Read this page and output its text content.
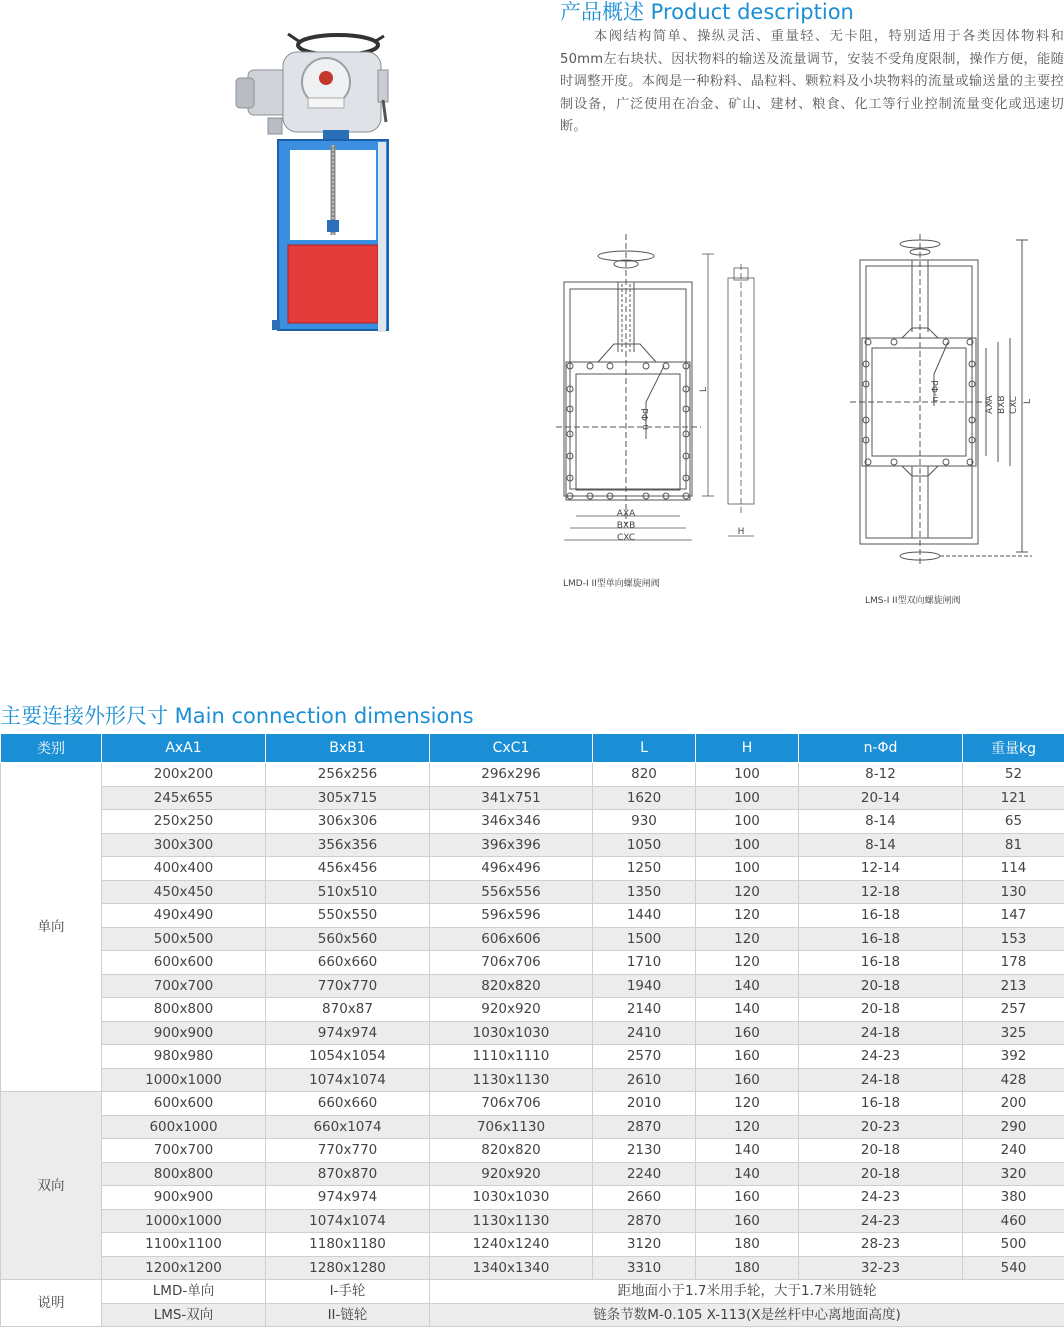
产品概述 Product description

本阀结构简单、操纵灵活、重量轻、无卡阻，特别适用于各类因体物料和50mm左右块状、因状物料的输送及流量调节，安装不受角度限制，操作方便，能随时调整开度。本阀是一种粉料、晶粒料、颗粒料及小块物料的流量或输送量的主要控制设备，广泛使用在冶金、矿山、建材、粮食、化工等行业控制流量变化或迅速切断。

AXA
BXB
CXC
H
L
n-Φd
LMD-I II型单向螺旋闸阀
n-Φd
AXA BXB CXC L
LMS-I II型双向螺旋闸阀
主要连接外形尺寸 Main connection dimensions
类别	AxA1	BxB1	CxC1	L	H	n-Φd	重量kg
单向	200x200	256x256	296x296	820	100	8-12	52
	245x655	305x715	341x751	1620	100	20-14	121
	250x250	306x306	346x346	930	100	8-14	65
	300x300	356x356	396x396	1050	100	8-14	81
	400x400	456x456	496x496	1250	100	12-14	114
	450x450	510x510	556x556	1350	120	12-18	130
	490x490	550x550	596x596	1440	120	16-18	147
	500x500	560x560	606x606	1500	120	16-18	153
	600x600	660x660	706x706	1710	120	16-18	178
	700x700	770x770	820x820	1940	140	20-18	213
	800x800	870x87	920x920	2140	140	20-18	257
	900x900	974x974	1030x1030	2410	160	24-18	325
	980x980	1054x1054	1110x1110	2570	160	24-23	392
	1000x1000	1074x1074	1130x1130	2610	160	24-18	428
双向	600x600	660x660	706x706	2010	120	16-18	200
	600x1000	660x1074	706x1130	2870	120	20-23	290
	700x700	770x770	820x820	2130	140	20-18	240
	800x800	870x870	920x920	2240	140	20-18	320
	900x900	974x974	1030x1030	2660	160	24-23	380
	1000x1000	1074x1074	1130x1130	2870	160	24-23	460
	1100x1100	1180x1180	1240x1240	3120	180	28-23	500
	1200x1200	1280x1280	1340x1340	3310	180	32-23	540
说明	LMD-单向	I-手轮	距地面小于1.7米用手轮，大于1.7米用链轮				
	LMS-双向	II-链轮	链条节数M-0.105 X-113(X是丝杆中心离地面高度)				
